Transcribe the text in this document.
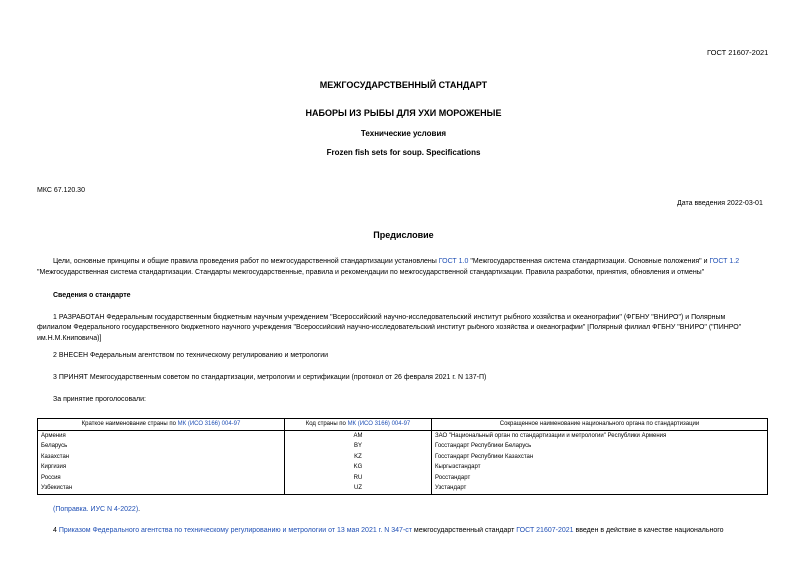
ГОСТ 21607-2021
МЕЖГОСУДАРСТВЕННЫЙ СТАНДАРТ
НАБОРЫ ИЗ РЫБЫ ДЛЯ УХИ МОРОЖЕНЫЕ
Технические условия
Frozen fish sets for soup. Specifications
МКС 67.120.30
Дата введения 2022-03-01
Предисловие
Цели, основные принципы и общие правила проведения работ по межгосударственной стандартизации установлены ГОСТ 1.0 "Межгосударственная система стандартизации. Основные положения" и ГОСТ 1.2
"Межгосударственная система стандартизации. Стандарты межгосударственные, правила и рекомендации по межгосударственной стандартизации. Правила разработки, принятия, обновления и отмены"
Сведения о стандарте
1 РАЗРАБОТАН Федеральным государственным бюджетным научным учреждением "Всероссийский научно-исследовательский институт рыбного хозяйства и океанографии" (ФГБНУ "ВНИРО") и Полярным
филиалом Федерального государственного бюджетного научного учреждения "Всероссийский научно-исследовательский институт рыбного хозяйства и океанографии" [Полярный филиал ФГБНУ "ВНИРО" ("ПИНРО"
им.Н.М.Книповича)]
2 ВНЕСЕН Федеральным агентством по техническому регулированию и метрологии
3 ПРИНЯТ Межгосударственным советом по стандартизации, метрологии и сертификации (протокол от 26 февраля 2021 г. N 137-П)
За принятие проголосовали:
Краткое наименование страны по МК (ИСО 3166) 004-97	Код страны по МК (ИСО 3166) 004-97	Сокращенное наименование национального органа по стандартизации
Армения	AM	ЗАО "Национальный орган по стандартизации и метрологии" Республики Армения
Беларусь	BY	Госстандарт Республики Беларусь
Казахстан	KZ	Госстандарт Республики Казахстан
Киргизия	KG	Кыргызстандарт
Россия	RU	Росстандарт
Узбекистан	UZ	Узстандарт
(Поправка. ИУС N 4-2022).
4 Приказом Федерального агентства по техническому регулированию и метрологии от 13 мая 2021 г. N 347-ст межгосударственный стандарт ГОСТ 21607-2021 введен в действие в качестве национального
